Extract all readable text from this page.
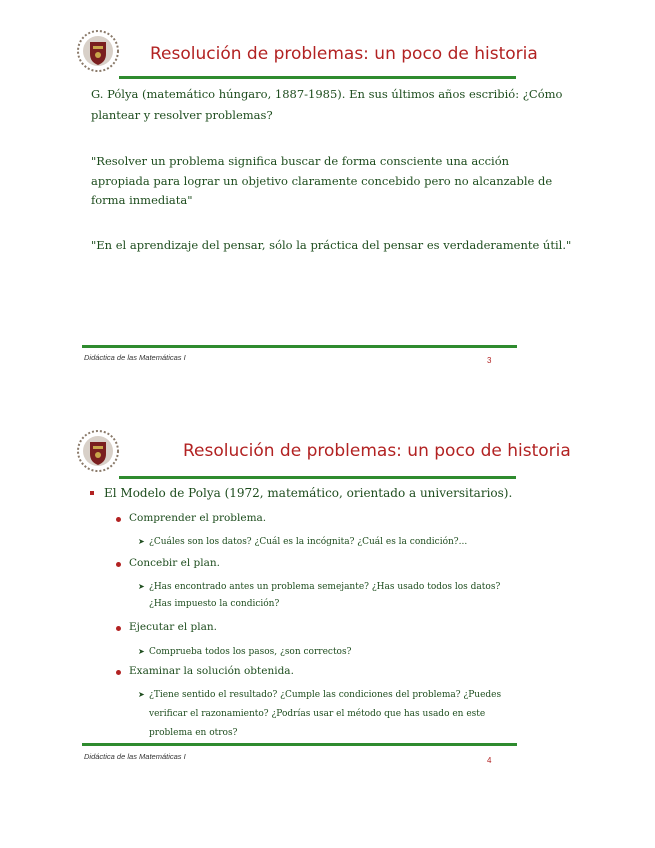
Resolución de problemas: un poco de historia
G. Pólya (matemático húngaro, 1887-1985). En sus últimos años escribió: ¿Cómo
plantear y resolver problemas?
"Resolver un problema significa buscar de forma consciente una acción
apropiada para lograr un objetivo claramente concebido pero no alcanzable de
forma inmediata"
"En el aprendizaje del pensar, sólo la práctica del pensar es verdaderamente útil."
Didáctica de las Matemáticas I	3
Resolución de problemas: un poco de historia
El Modelo de Polya (1972, matemático, orientado a universitarios).
Comprender el problema.
➤ ¿Cuáles son los datos? ¿Cuál es la incógnita? ¿Cuál es la condición?...
Concebir el plan.
➤ ¿Has encontrado antes un problema semejante? ¿Has usado todos los datos?
¿Has impuesto la condición?
Ejecutar el plan.
➤ Comprueba todos los pasos, ¿son correctos?
Examinar la solución obtenida.
➤ ¿Tiene sentido el resultado? ¿Cumple las condiciones del problema? ¿Puedes
verificar el razonamiento? ¿Podrías usar el método que has usado en este
problema en otros?
Didáctica de las Matemáticas I	4
